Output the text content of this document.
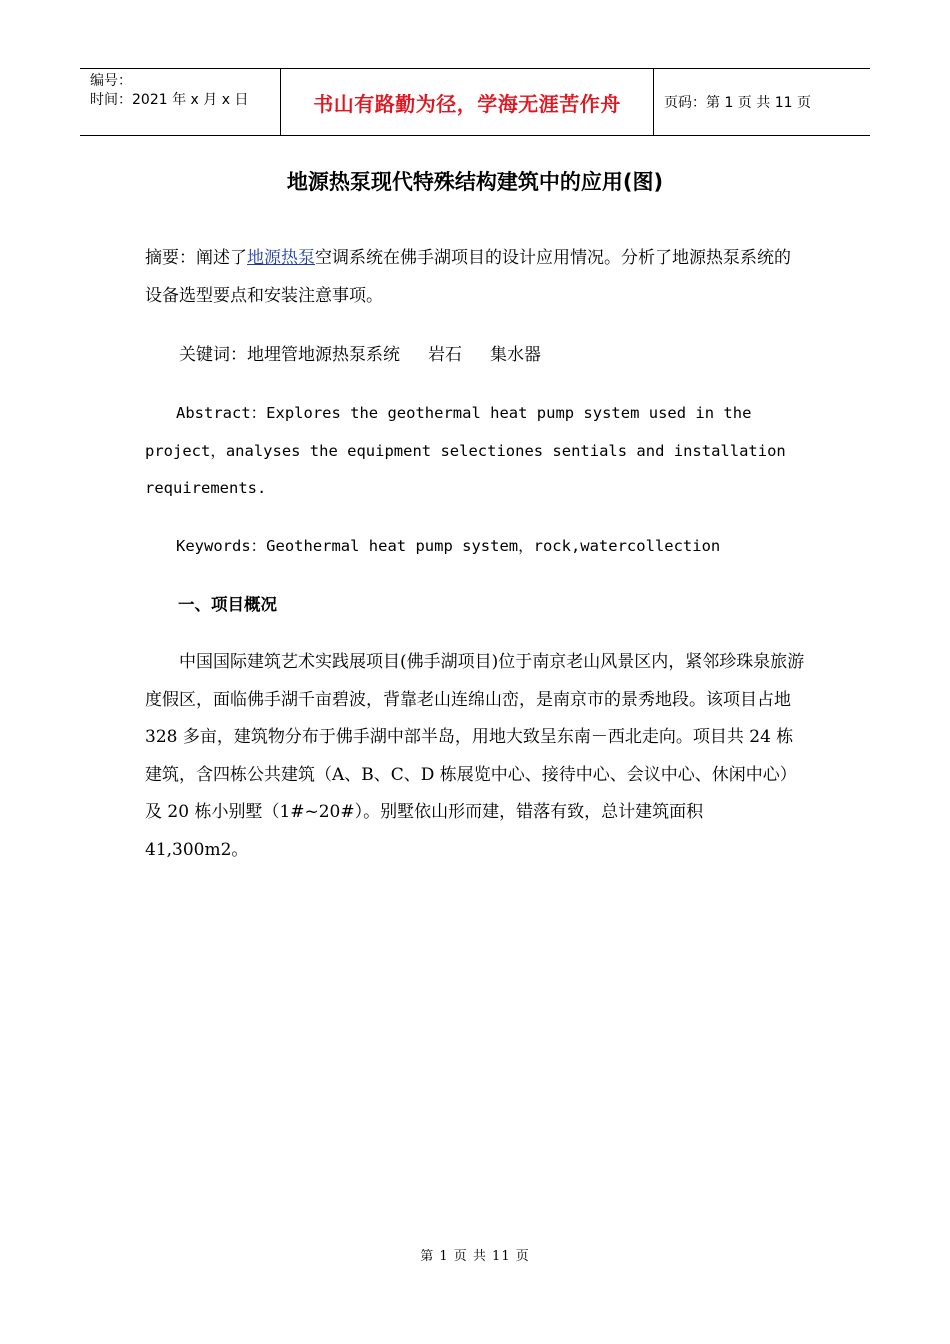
编号：
时间：2021 年 x 月 x 日	书山有路勤为径，学海无涯苦作舟	页码：第 1 页 共 11 页
地源热泵现代特殊结构建筑中的应用(图)

摘要：阐述了地源热泵空调系统在佛手湖项目的设计应用情况。分析了地源热泵系统的设备选型要点和安装注意事项。

关键词：地埋管地源热泵系统 岩石 集水器

Abstract：Explores the geothermal heat pump system used in the project，analyses the equipment selectiones sentials and installation requirements.

Keywords：Geothermal heat pump system，rock,watercollection

一、项目概况

中国国际建筑艺术实践展项目(佛手湖项目)位于南京老山风景区内，紧邻珍珠泉旅游度假区，面临佛手湖千亩碧波，背靠老山连绵山峦，是南京市的景秀地段。该项目占地 328 多亩，建筑物分布于佛手湖中部半岛，用地大致呈东南－西北走向。项目共 24 栋建筑，含四栋公共建筑（A、B、C、D 栋展览中心、接待中心、会议中心、休闲中心）及 20 栋小别墅（1#~20#）。别墅依山形而建，错落有致，总计建筑面积 41,300m2。

第 1 页 共 11 页
